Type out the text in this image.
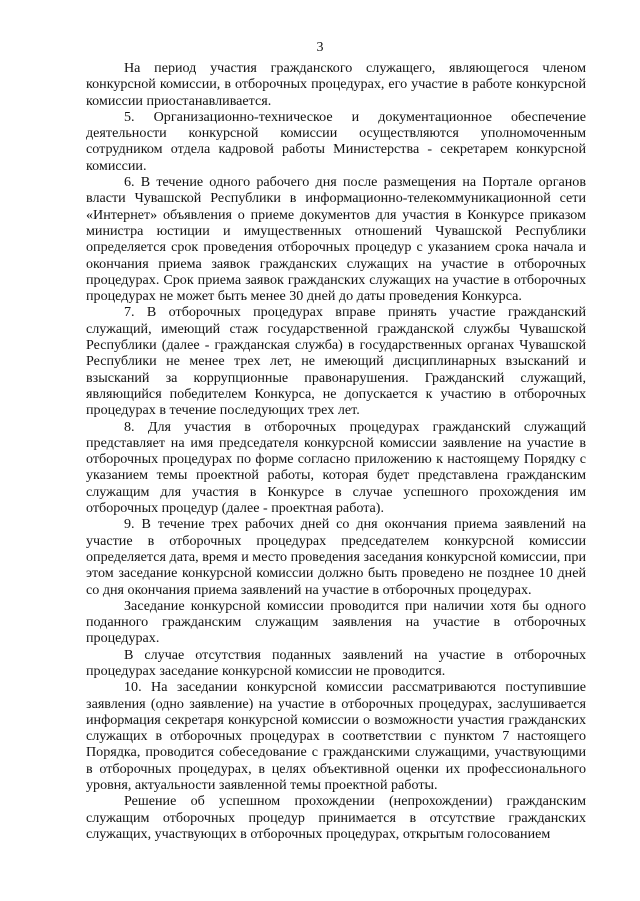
3

На период участия гражданского служащего, являющегося членом конкурсной комиссии, в отборочных процедурах, его участие в работе конкурсной комиссии приостанавливается.

5. Организационно-техническое и документационное обеспечение деятельности конкурсной комиссии осуществляются уполномоченным сотрудником отдела кадровой работы Министерства - секретарем конкурсной комиссии.

6. В течение одного рабочего дня после размещения на Портале органов власти Чувашской Республики в информационно-телекоммуникационной сети «Интернет» объявления о приеме документов для участия в Конкурсе приказом министра юстиции и имущественных отношений Чувашской Республики определяется срок проведения отборочных процедур с указанием срока начала и окончания приема заявок гражданских служащих на участие в отборочных процедурах. Срок приема заявок гражданских служащих на участие в отборочных процедурах не может быть менее 30 дней до даты проведения Конкурса.

7. В отборочных процедурах вправе принять участие гражданский служащий, имеющий стаж государственной гражданской службы Чувашской Республики (далее - гражданская служба) в государственных органах Чувашской Республики не менее трех лет, не имеющий дисциплинарных взысканий и взысканий за коррупционные правонарушения. Гражданский служащий, являющийся победителем Конкурса, не допускается к участию в отборочных процедурах в течение последующих трех лет.

8. Для участия в отборочных процедурах гражданский служащий представляет на имя председателя конкурсной комиссии заявление на участие в отборочных процедурах по форме согласно приложению к настоящему Порядку с указанием темы проектной работы, которая будет представлена гражданским служащим для участия в Конкурсе в случае успешного прохождения им отборочных процедур (далее - проектная работа).

9. В течение трех рабочих дней со дня окончания приема заявлений на участие в отборочных процедурах председателем конкурсной комиссии определяется дата, время и место проведения заседания конкурсной комиссии, при этом заседание конкурсной комиссии должно быть проведено не позднее 10 дней со дня окончания приема заявлений на участие в отборочных процедурах.

Заседание конкурсной комиссии проводится при наличии хотя бы одного поданного гражданским служащим заявления на участие в отборочных процедурах.

В случае отсутствия поданных заявлений на участие в отборочных процедурах заседание конкурсной комиссии не проводится.

10. На заседании конкурсной комиссии рассматриваются поступившие заявления (одно заявление) на участие в отборочных процедурах, заслушивается информация секретаря конкурсной комиссии о возможности участия гражданских служащих в отборочных процедурах в соответствии с пунктом 7 настоящего Порядка, проводится собеседование с гражданскими служащими, участвующими в отборочных процедурах, в целях объективной оценки их профессионального уровня, актуальности заявленной темы проектной работы.

Решение об успешном прохождении (непрохождении) гражданским служащим отборочных процедур принимается в отсутствие гражданских служащих, участвующих в отборочных процедурах, открытым голосованием
